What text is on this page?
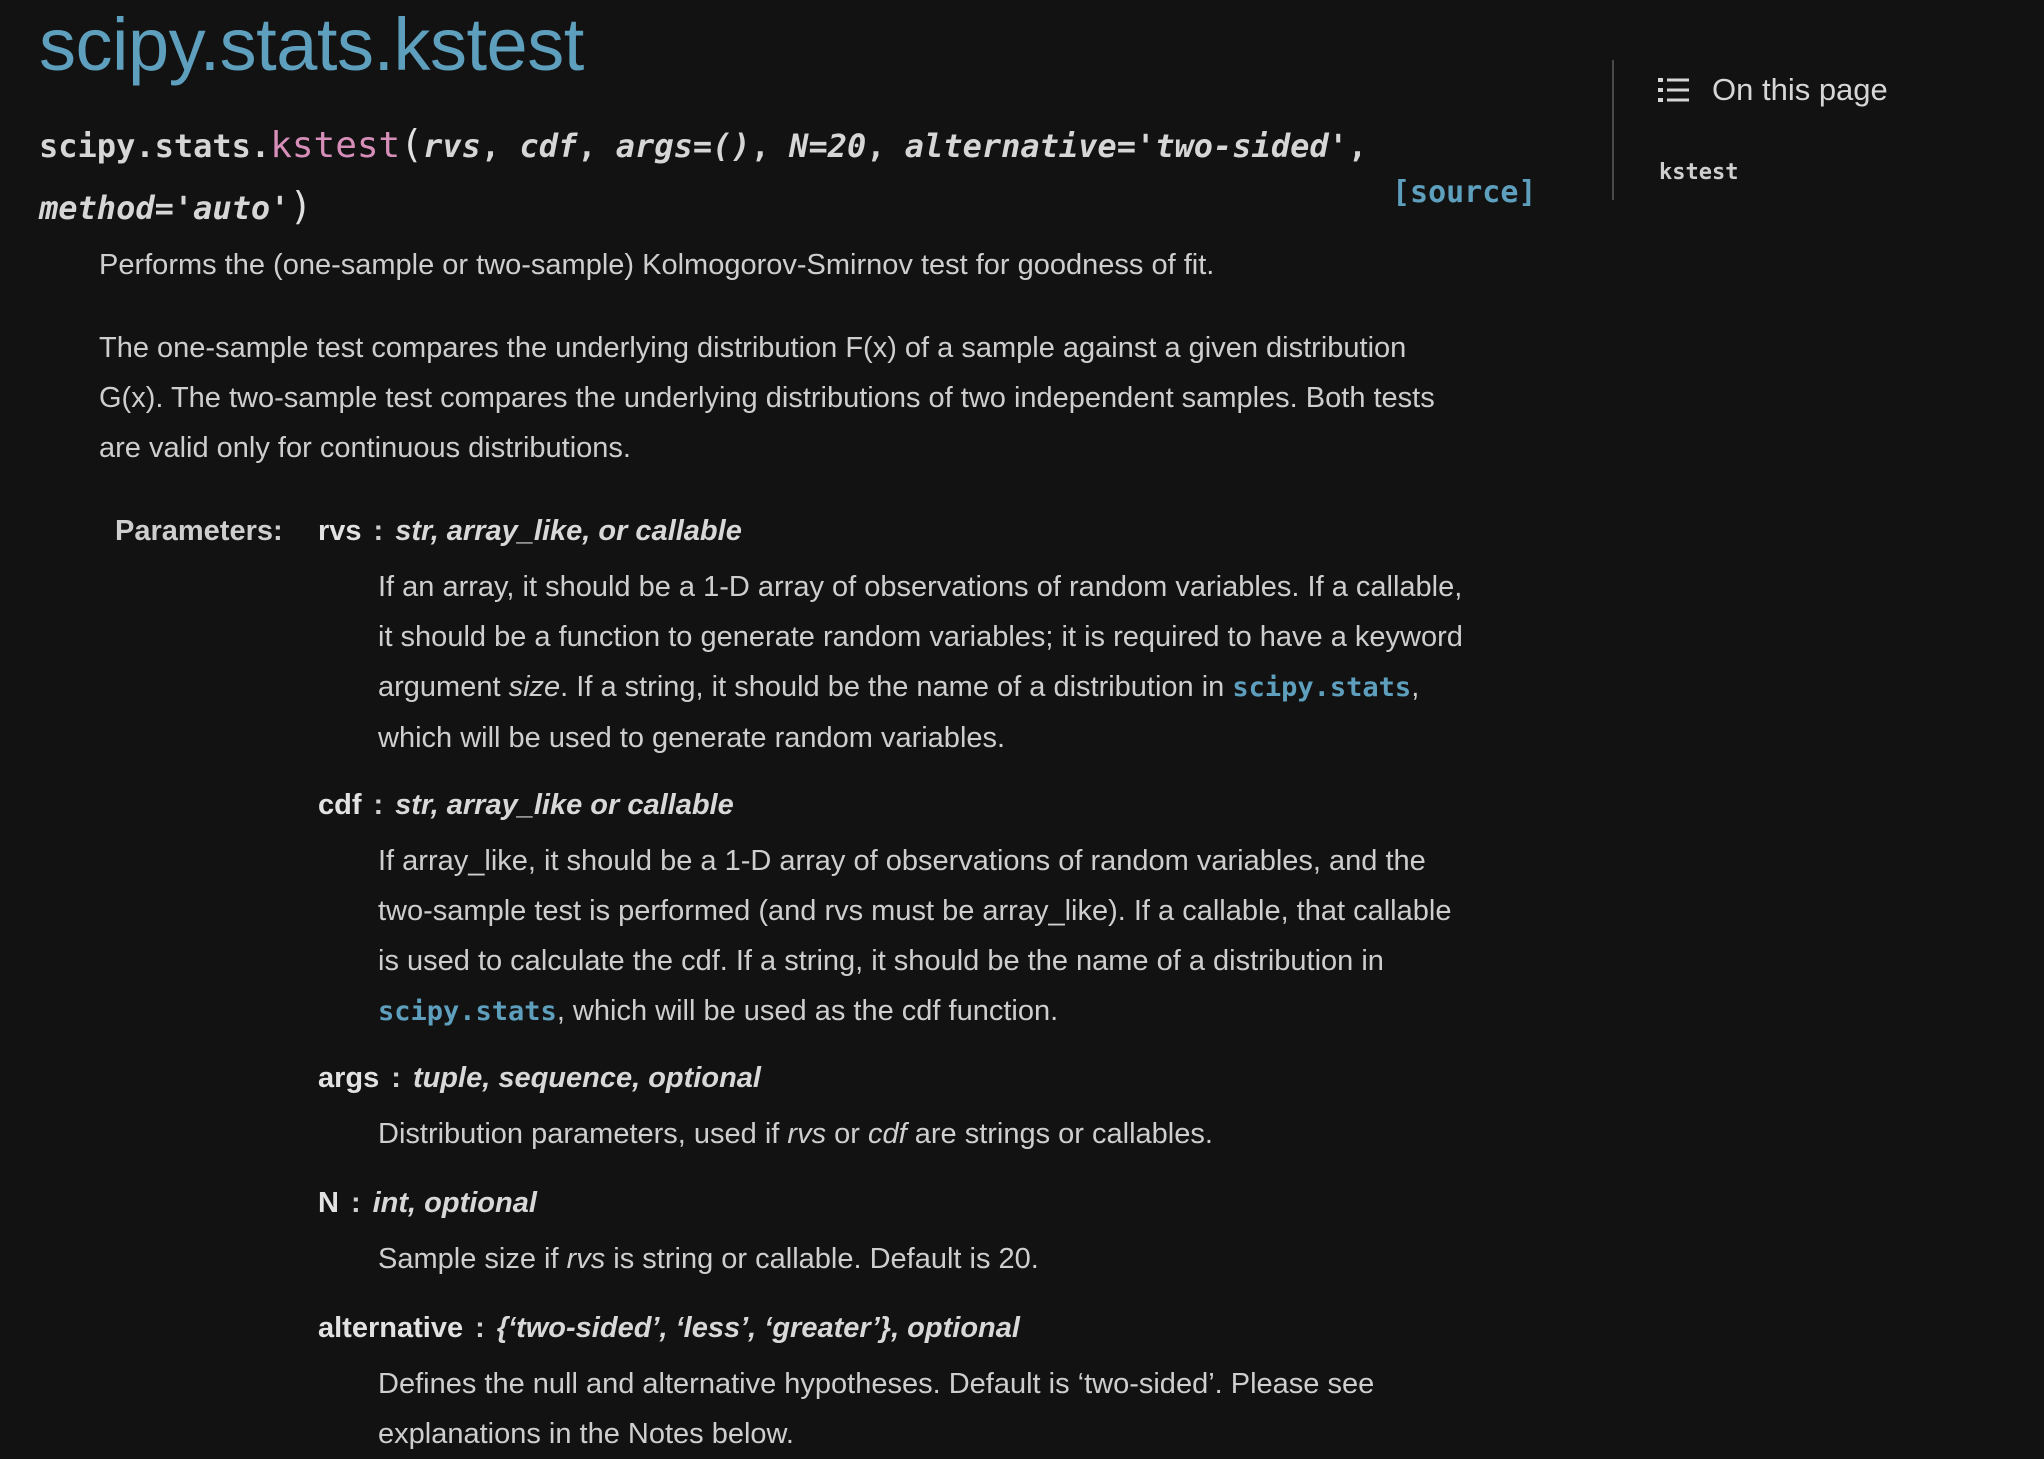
scipy.stats.kstest
scipy.stats.kstest(rvs, cdf, args=(), N=20, alternative='two-sided',
method='auto')	[source]

Performs the (one-sample or two-sample) Kolmogorov-Smirnov test for goodness of fit.

The one-sample test compares the underlying distribution F(x) of a sample against a given distribution
G(x). The two-sample test compares the underlying distributions of two independent samples. Both tests
are valid only for continuous distributions.

Parameters: rvs : str, array_like, or callable
If an array, it should be a 1-D array of observations of random variables. If a callable,
it should be a function to generate random variables; it is required to have a keyword
argument size. If a string, it should be the name of a distribution in scipy.stats,
which will be used to generate random variables.
cdf : str, array_like or callable
If array_like, it should be a 1-D array of observations of random variables, and the
two-sample test is performed (and rvs must be array_like). If a callable, that callable
is used to calculate the cdf. If a string, it should be the name of a distribution in
scipy.stats, which will be used as the cdf function.
args : tuple, sequence, optional
Distribution parameters, used if rvs or cdf are strings or callables.
N : int, optional
Sample size if rvs is string or callable. Default is 20.
alternative : {‘two-sided’, ‘less’, ‘greater’}, optional
Defines the null and alternative hypotheses. Default is ‘two-sided’. Please see
explanations in the Notes below.
On this page
kstest
